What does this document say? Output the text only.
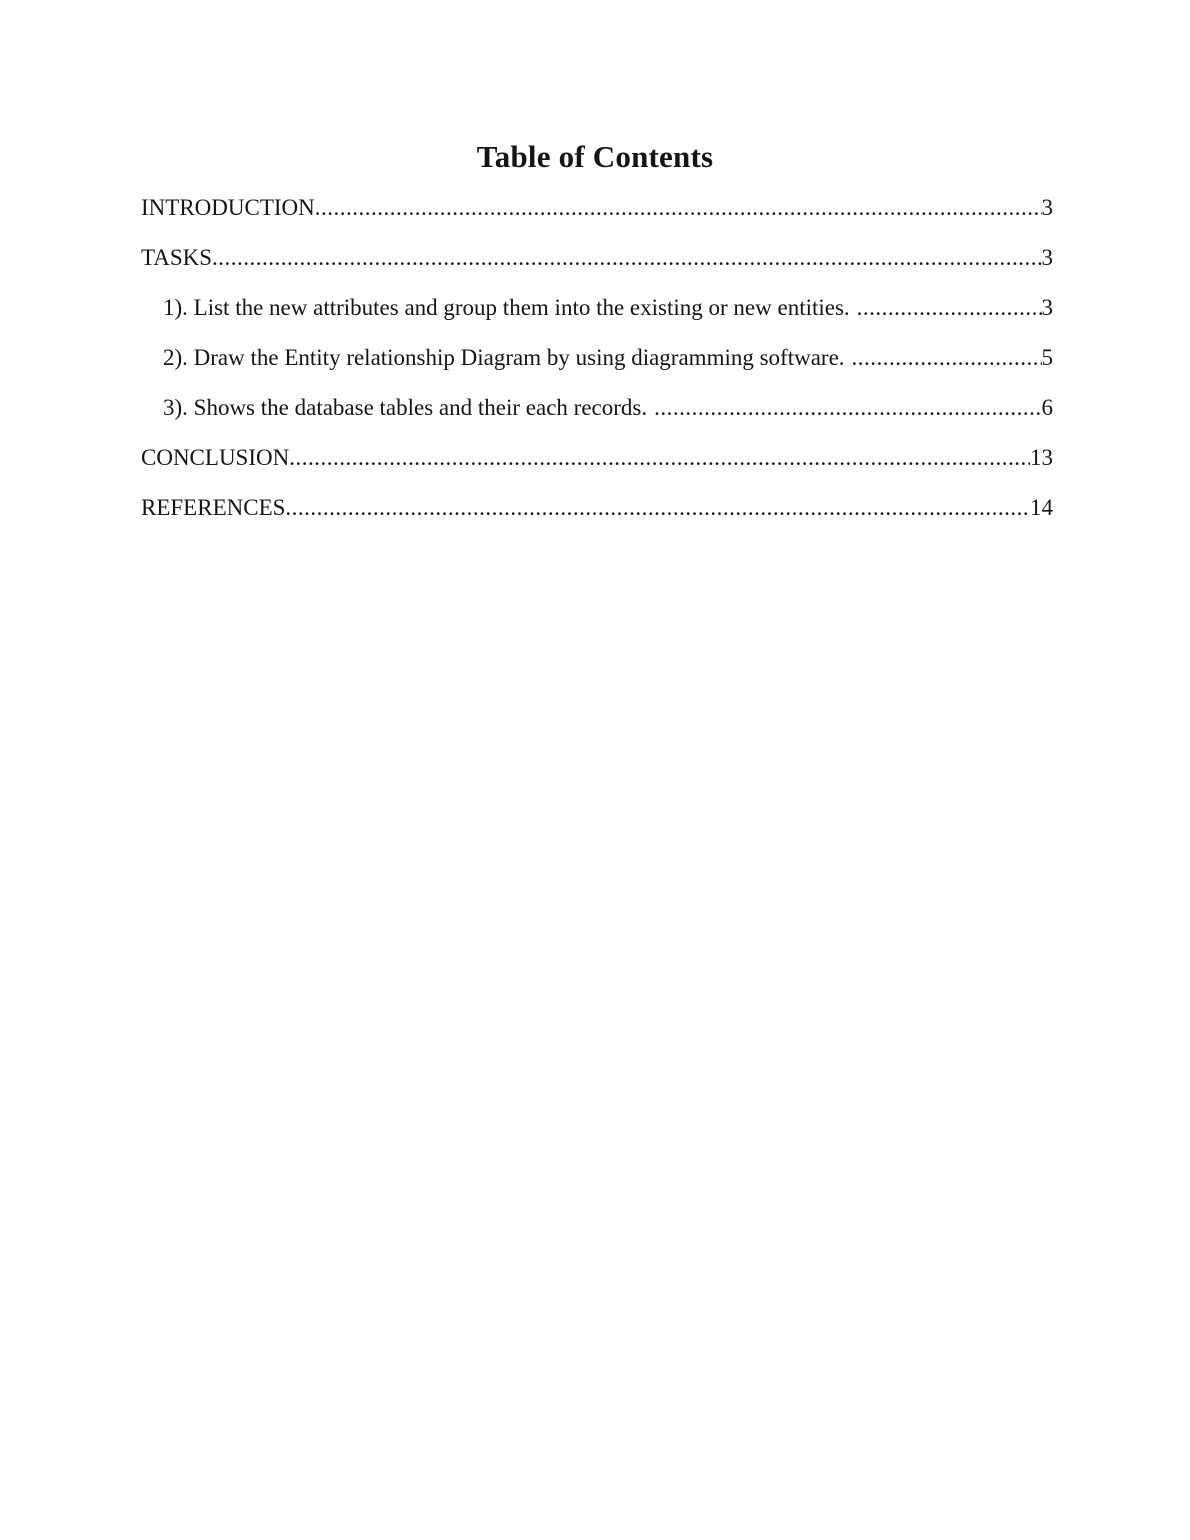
Table of Contents
INTRODUCTION .....	3
TASKS .....	3
1). List the new attributes and group them into the existing or new entities. .....	3
2). Draw the Entity relationship Diagram by using diagramming software. .....	5
3). Shows the database tables and their each records. .....	6
CONCLUSION .....	13
REFERENCES .....	14
